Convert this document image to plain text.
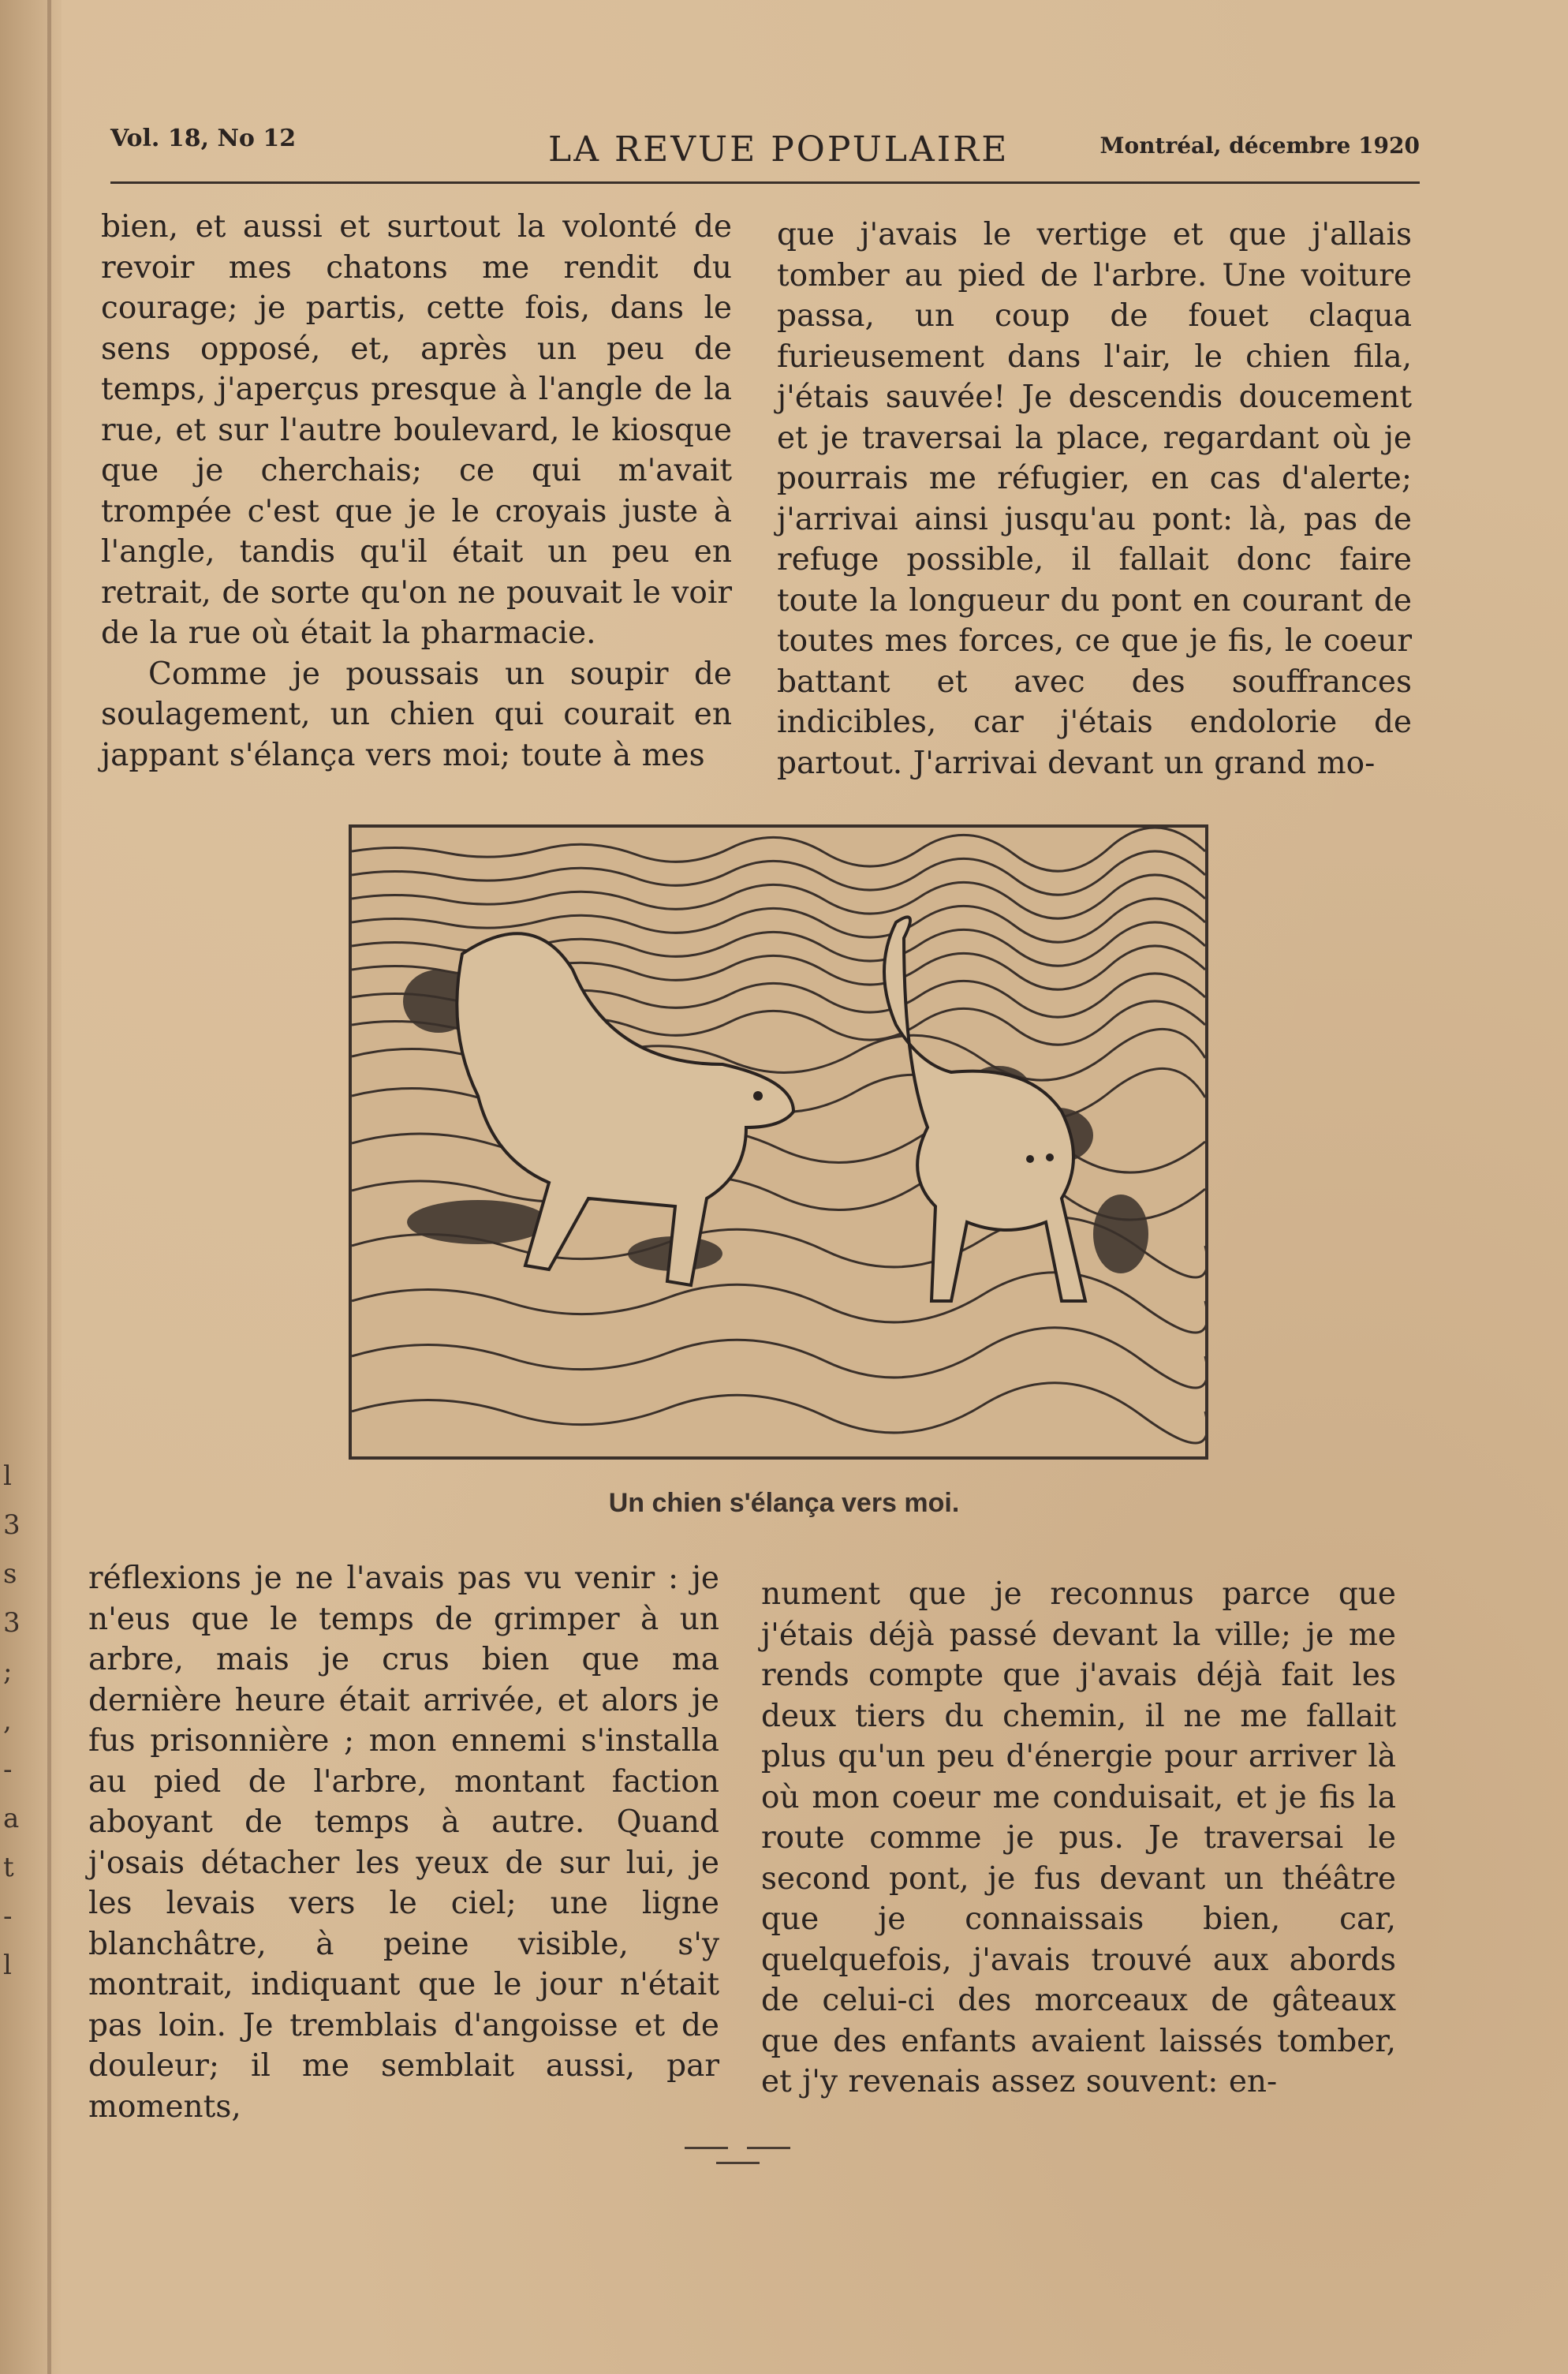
l
3
s
3
;
,
-
a
t
-
l
Vol. 18, No 12	LA REVUE POPULAIRE	Montréal, décembre 1920

bien, et aussi et surtout la volonté de revoir mes chatons me rendit du courage; je partis, cette fois, dans le sens opposé, et, après un peu de temps, j'aperçus presque à l'angle de la rue, et sur l'autre boulevard, le kiosque que je cherchais; ce qui m'avait trompée c'est que je le croyais juste à l'angle, tandis qu'il était un peu en retrait, de sorte qu'on ne pouvait le voir de la rue où était la pharmacie.

Comme je poussais un soupir de soulagement, un chien qui courait en jappant s'élança vers moi; toute à mes

que j'avais le vertige et que j'allais tomber au pied de l'arbre. Une voiture passa, un coup de fouet claqua furieusement dans l'air, le chien fila, j'étais sauvée! Je descendis doucement et je traversai la place, regardant où je pourrais me réfugier, en cas d'alerte; j'arrivai ainsi jusqu'au pont: là, pas de refuge possible, il fallait donc faire toute la longueur du pont en courant de toutes mes forces, ce que je fis, le coeur battant et avec des souffrances indicibles, car j'étais endolorie de partout. J'arrivai devant un grand mo-

Un chien s'élança vers moi.

réflexions je ne l'avais pas vu venir : je n'eus que le temps de grimper à un arbre, mais je crus bien que ma dernière heure était arrivée, et alors je fus prisonnière ; mon ennemi s'installa au pied de l'arbre, montant faction aboyant de temps à autre. Quand j'osais détacher les yeux de sur lui, je les levais vers le ciel; une ligne blanchâtre, à peine visible, s'y montrait, indiquant que le jour n'était pas loin. Je tremblais d'angoisse et de douleur; il me semblait aussi, par moments,

nument que je reconnus parce que j'étais déjà passé devant la ville; je me rends compte que j'avais déjà fait les deux tiers du chemin, il ne me fallait plus qu'un peu d'énergie pour arriver là où mon coeur me conduisait, et je fis la route comme je pus. Je traversai le second pont, je fus devant un théâtre que je connaissais bien, car, quelquefois, j'avais trouvé aux abords de celui-ci des morceaux de gâteaux que des enfants avaient laissés tomber, et j'y revenais assez souvent: en-
